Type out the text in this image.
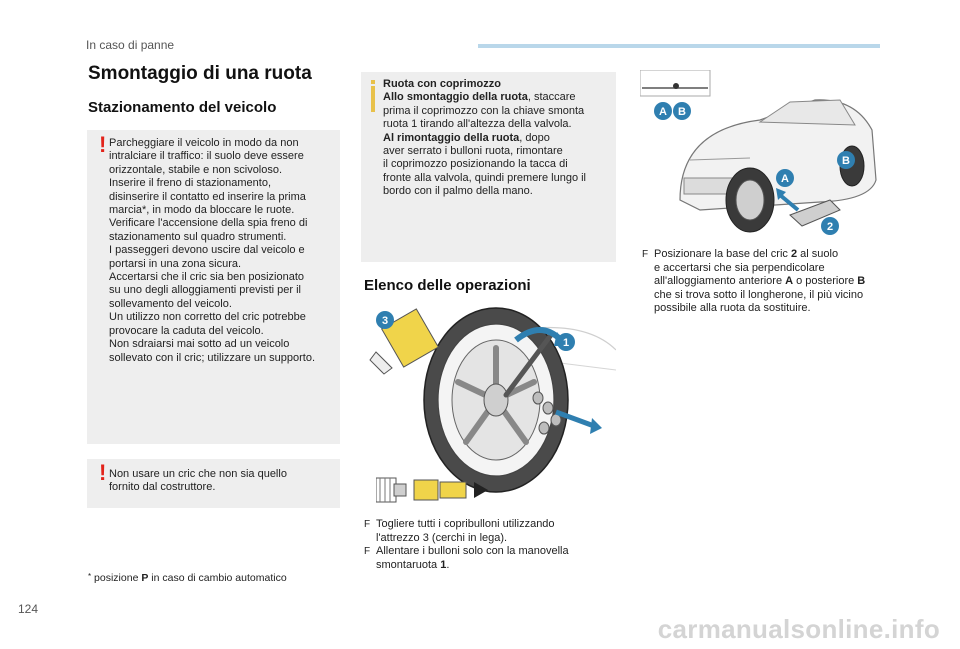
In caso di panne
Smontaggio di una ruota
Stazionamento del veicolo
! Parcheggiare il veicolo in modo da non
intralciare il traffico: il suolo deve essere
orizzontale, stabile e non scivoloso.
Inserire il freno di stazionamento,
disinserire il contatto ed inserire la prima
marcia*, in modo da bloccare le ruote.
Verificare l'accensione della spia freno di
stazionamento sul quadro strumenti.
I passeggeri devono uscire dal veicolo e
portarsi in una zona sicura.
Accertarsi che il cric sia ben posizionato
su uno degli alloggiamenti previsti per il
sollevamento del veicolo.
Un utilizzo non corretto del cric potrebbe
provocare la caduta del veicolo.
Non sdraiarsi mai sotto ad un veicolo
sollevato con il cric; utilizzare un supporto.
! Non usare un cric che non sia quello
fornito dal costruttore.
* posizione P in caso di cambio automatico
Ruota con coprimozzo
Allo smontaggio della ruota, staccare
prima il coprimozzo con la chiave smonta
ruota 1 tirando all'altezza della valvola.
Al rimontaggio della ruota, dopo
aver serrato i bulloni ruota, rimontare
il coprimozzo posizionando la tacca di
fronte alla valvola, quindi premere lungo il
bordo con il palmo della mano.
Elenco delle operazioni
3
1
F Togliere tutti i copribulloni utilizzando
l'attrezzo 3 (cerchi in lega).
F Allentare i bulloni solo con la manovella
smontaruota 1.
A B
B
A
2
F Posizionare la base del cric 2 al suolo
e accertarsi che sia perpendicolare
all'alloggiamento anteriore A o posteriore B
che si trova sotto il longherone, il più vicino
possibile alla ruota da sostituire.
124
carmanualsonline.info
